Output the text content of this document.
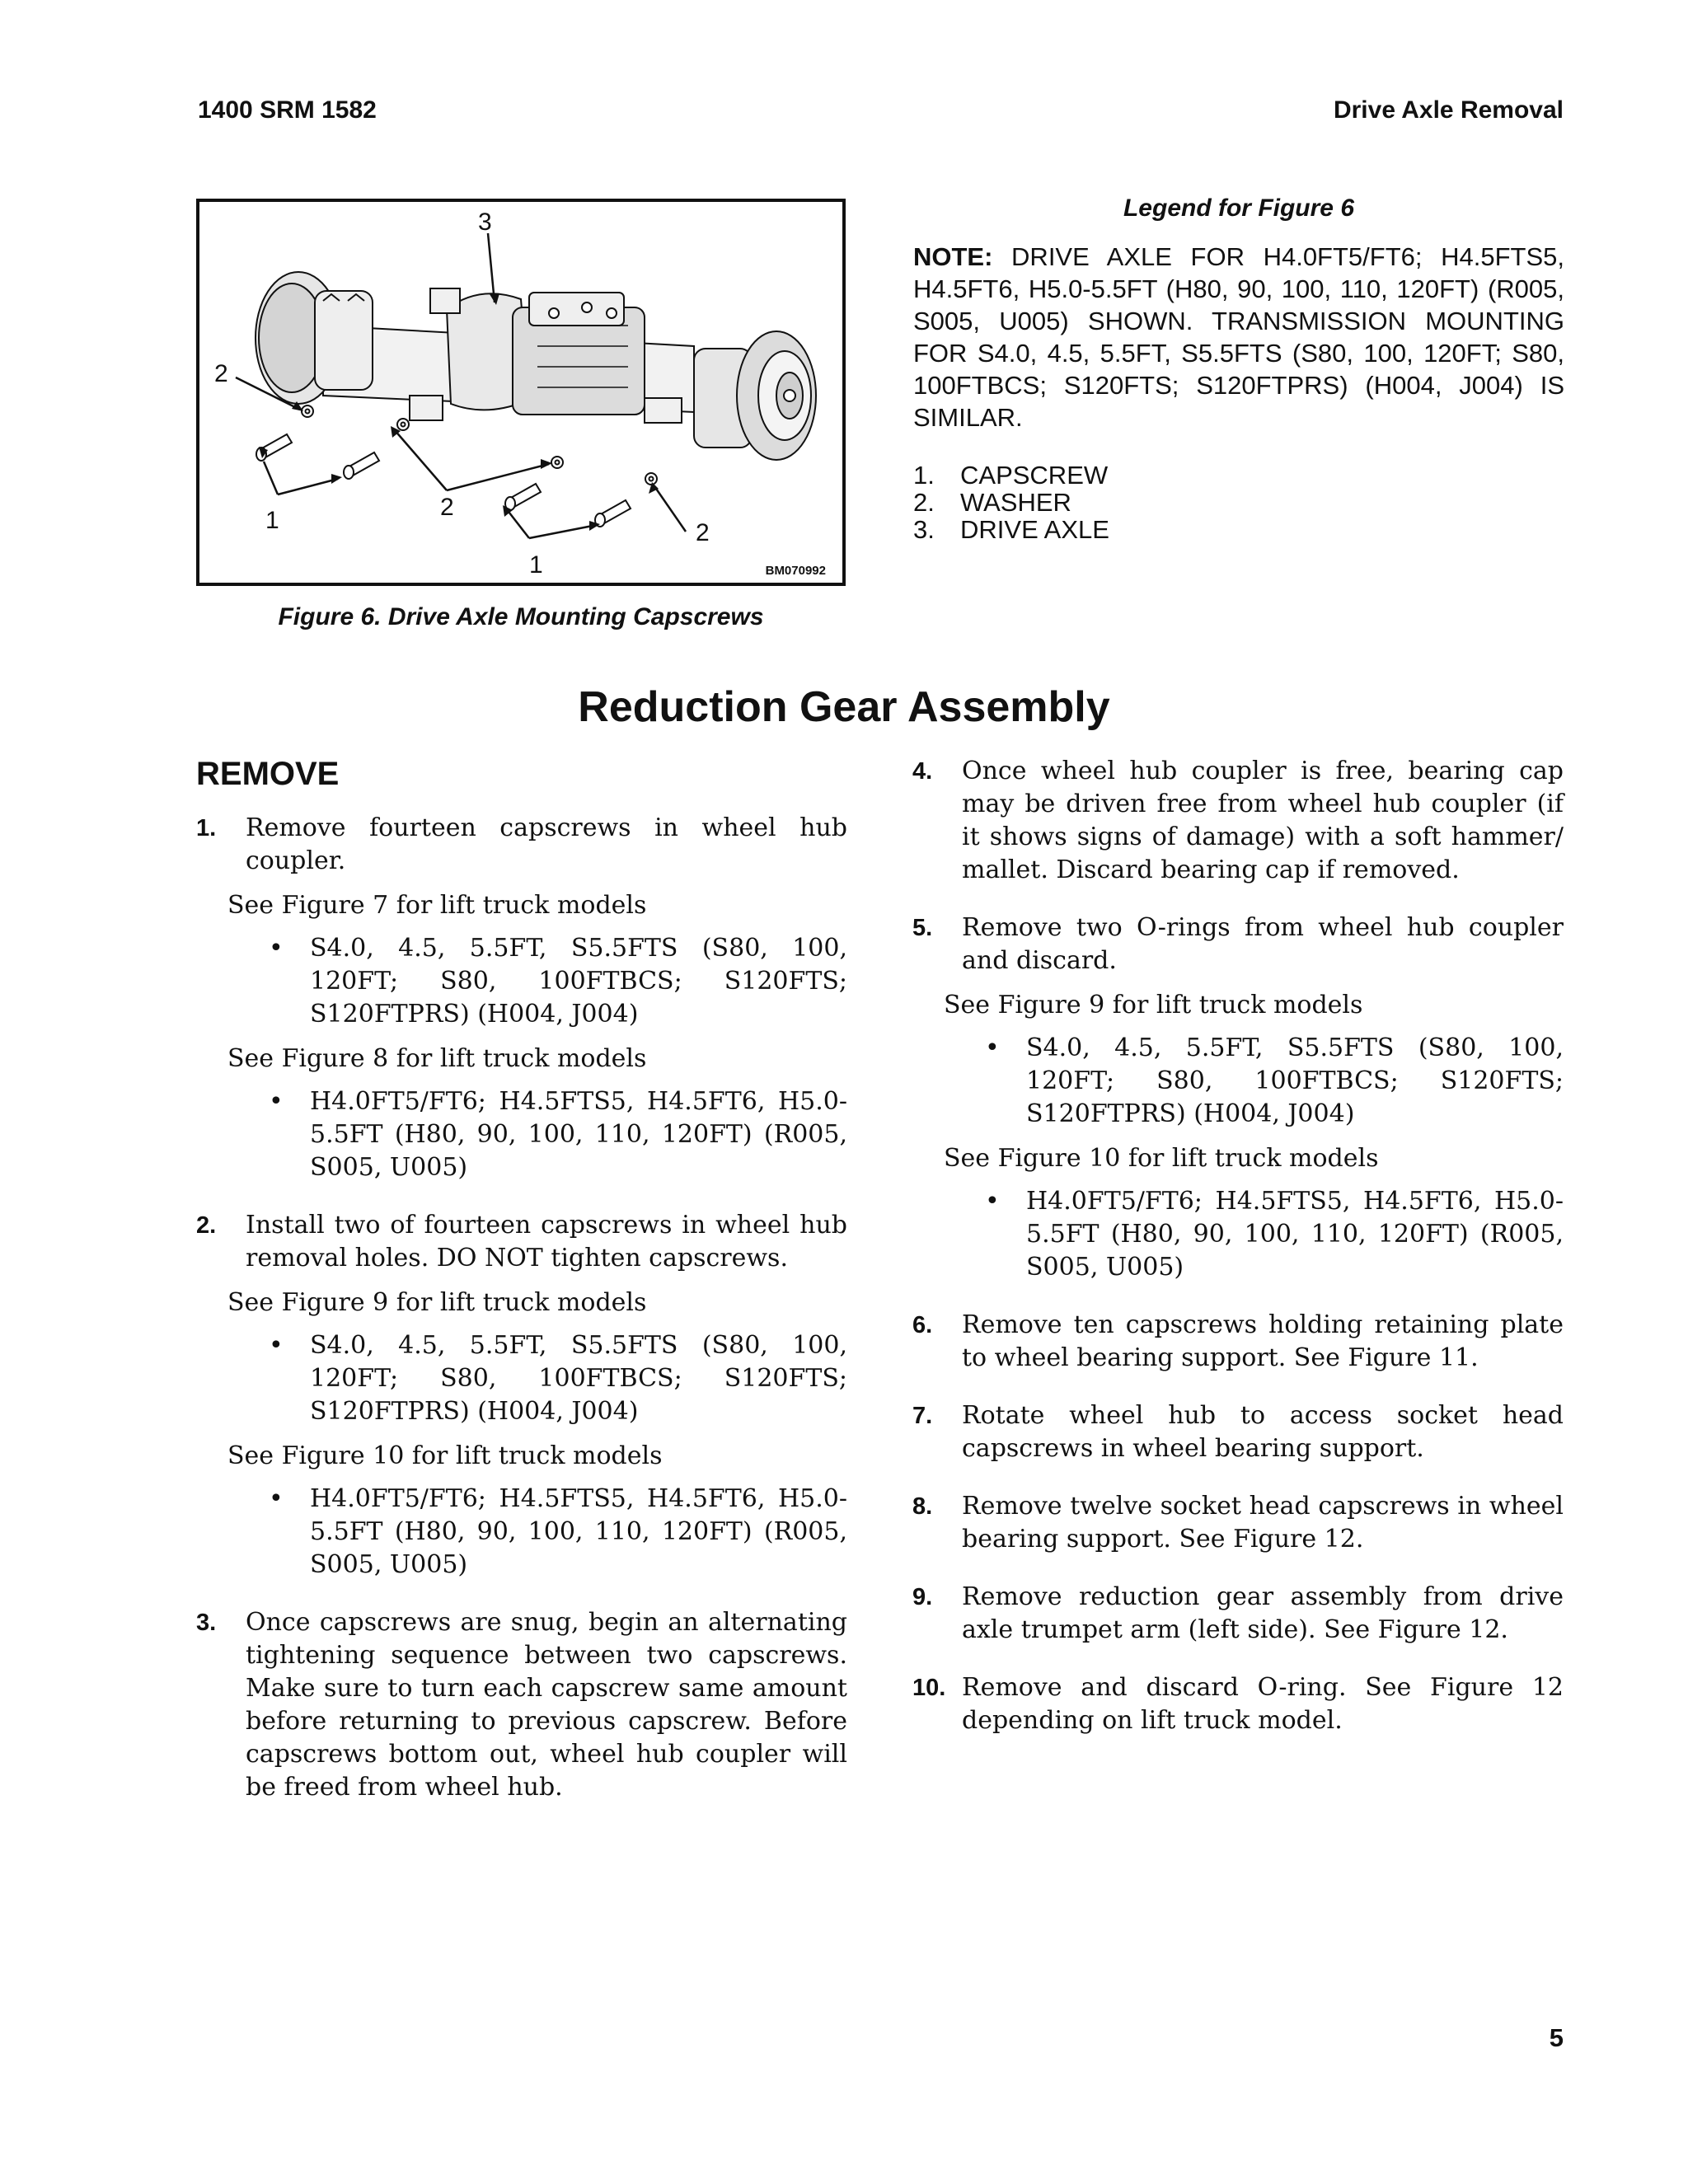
1400 SRM 1582	Drive Axle Removal
3
2
2
2
1
1	BM070992
Figure 6. Drive Axle Mounting Capscrews
Legend for Figure 6
NOTE: DRIVE AXLE FOR H4.0FT5/FT6; H4.5FTS5, H4.5FT6, H5.0-5.5FT (H80, 90, 100, 110, 120FT) (R005, S005, U005) SHOWN. TRANSMISSION MOUNTING FOR S4.0, 4.5, 5.5FT, S5.5FTS (S80, 100, 120FT; S80, 100FTBCS; S120FTS; S120FTPRS) (H004, J004) IS SIMILAR.
1. CAPSCREW
2. WASHER
3. DRIVE AXLE
Reduction Gear Assembly
REMOVE
1. Remove fourteen capscrews in wheel hub coupler.
See Figure 7 for lift truck models
• S4.0, 4.5, 5.5FT, S5.5FTS (S80, 100, 120FT; S80, 100FTBCS; S120FTS; S120FTPRS) (H004, J004)
See Figure 8 for lift truck models
• H4.0FT5/FT6; H4.5FTS5, H4.5FT6, H5.0-5.5FT (H80, 90, 100, 110, 120FT) (R005, S005, U005)
2. Install two of fourteen capscrews in wheel hub removal holes. DO NOT tighten capscrews.
See Figure 9 for lift truck models
• S4.0, 4.5, 5.5FT, S5.5FTS (S80, 100, 120FT; S80, 100FTBCS; S120FTS; S120FTPRS) (H004, J004)
See Figure 10 for lift truck models
• H4.0FT5/FT6; H4.5FTS5, H4.5FT6, H5.0-5.5FT (H80, 90, 100, 110, 120FT) (R005, S005, U005)
3. Once capscrews are snug, begin an alternating tightening sequence between two capscrews. Make sure to turn each capscrew same amount before returning to previous capscrew. Before capscrews bottom out, wheel hub coupler will be freed from wheel hub.
4. Once wheel hub coupler is free, bearing cap may be driven free from wheel hub coupler (if it shows signs of damage) with a soft hammer/ mallet. Discard bearing cap if removed.
5. Remove two O-rings from wheel hub coupler and discard.
See Figure 9 for lift truck models
• S4.0, 4.5, 5.5FT, S5.5FTS (S80, 100, 120FT; S80, 100FTBCS; S120FTS; S120FTPRS) (H004, J004)
See Figure 10 for lift truck models
• H4.0FT5/FT6; H4.5FTS5, H4.5FT6, H5.0-5.5FT (H80, 90, 100, 110, 120FT) (R005, S005, U005)
6. Remove ten capscrews holding retaining plate to wheel bearing support. See Figure 11.
7. Rotate wheel hub to access socket head capscrews in wheel bearing support.
8. Remove twelve socket head capscrews in wheel bearing support. See Figure 12.
9. Remove reduction gear assembly from drive axle trumpet arm (left side). See Figure 12.
10. Remove and discard O-ring. See Figure 12 depending on lift truck model.
5
